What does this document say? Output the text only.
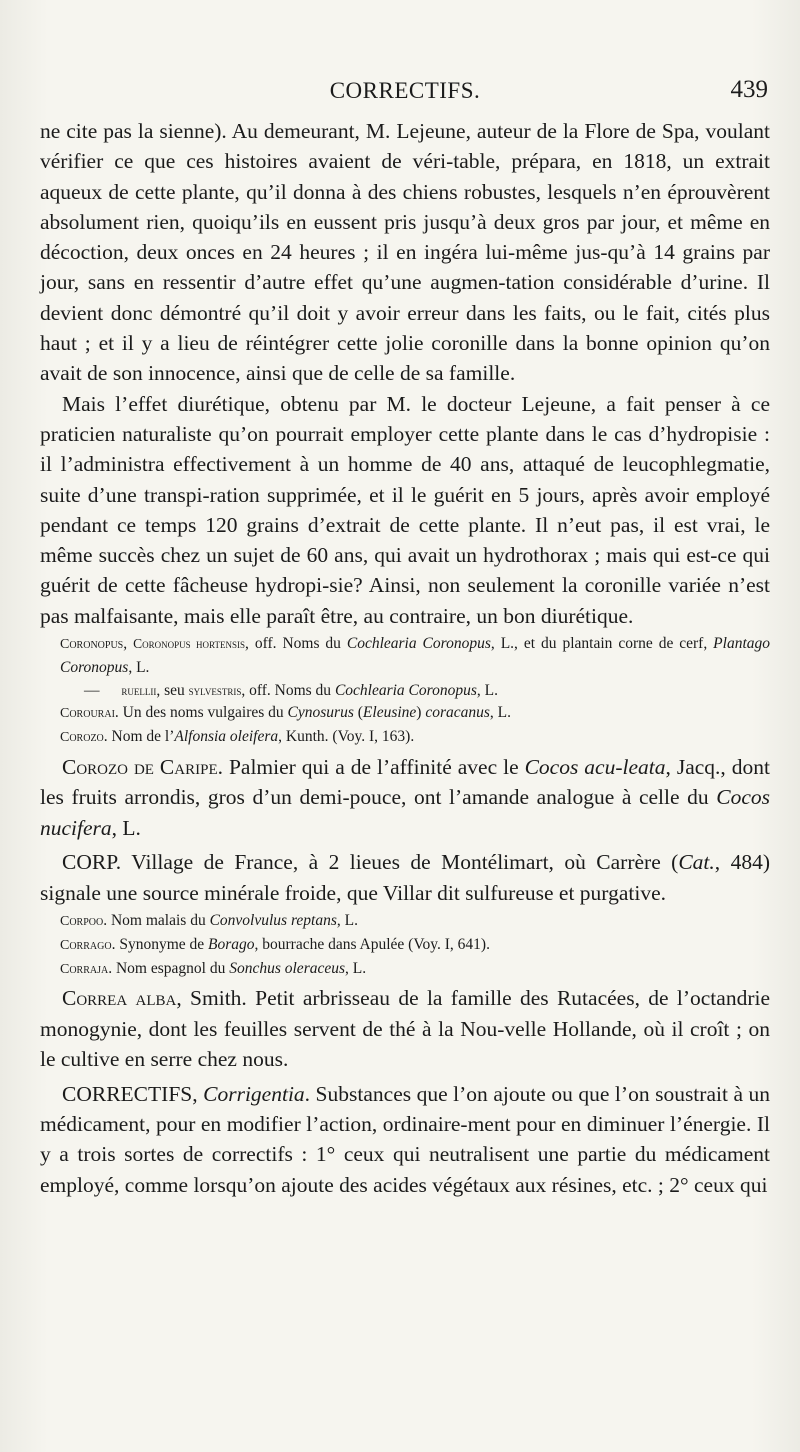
CORRECTIFS.	439

ne cite pas la sienne). Au demeurant, M. Lejeune, auteur de la Flore de Spa, voulant vérifier ce que ces histoires avaient de véri-table, prépara, en 1818, un extrait aqueux de cette plante, qu’il donna à des chiens robustes, lesquels n’en éprouvèrent absolument rien, quoiqu’ils en eussent pris jusqu’à deux gros par jour, et même en décoction, deux onces en 24 heures ; il en ingéra lui-même jus-qu’à 14 grains par jour, sans en ressentir d’autre effet qu’une augmen-tation considérable d’urine. Il devient donc démontré qu’il doit y avoir erreur dans les faits, ou le fait, cités plus haut ; et il y a lieu de réintégrer cette jolie coronille dans la bonne opinion qu’on avait de son innocence, ainsi que de celle de sa famille.

Mais l’effet diurétique, obtenu par M. le docteur Lejeune, a fait penser à ce praticien naturaliste qu’on pourrait employer cette plante dans le cas d’hydropisie : il l’administra effectivement à un homme de 40 ans, attaqué de leucophlegmatie, suite d’une transpi-ration supprimée, et il le guérit en 5 jours, après avoir employé pendant ce temps 120 grains d’extrait de cette plante. Il n’eut pas, il est vrai, le même succès chez un sujet de 60 ans, qui avait un hydrothorax ; mais qui est-ce qui guérit de cette fâcheuse hydropi-sie? Ainsi, non seulement la coronille variée n’est pas malfaisante, mais elle paraît être, au contraire, un bon diurétique.

Coronopus, Coronopus hortensis, off. Noms du Cochlearia Coronopus, L., et du plantain corne de cerf, Plantago Coronopus, L.

— ruellii, seu sylvestris, off. Noms du Cochlearia Coronopus, L.

Corourai. Un des noms vulgaires du Cynosurus (Eleusine) coracanus, L.

Corozo. Nom de l’Alfonsia oleifera, Kunth. (Voy. I, 163).

Corozo de Caripe. Palmier qui a de l’affinité avec le Cocos acu-leata, Jacq., dont les fruits arrondis, gros d’un demi-pouce, ont l’amande analogue à celle du Cocos nucifera, L.

CORP. Village de France, à 2 lieues de Montélimart, où Carrère (Cat., 484) signale une source minérale froide, que Villar dit sulfureuse et purgative.

Corpoo. Nom malais du Convolvulus reptans, L.

Corrago. Synonyme de Borago, bourrache dans Apulée (Voy. I, 641).

Corraja. Nom espagnol du Sonchus oleraceus, L.

Correa alba, Smith. Petit arbrisseau de la famille des Rutacées, de l’octandrie monogynie, dont les feuilles servent de thé à la Nou-velle Hollande, où il croît ; on le cultive en serre chez nous.

CORRECTIFS, Corrigentia. Substances que l’on ajoute ou que l’on soustrait à un médicament, pour en modifier l’action, ordinaire-ment pour en diminuer l’énergie. Il y a trois sortes de correctifs : 1° ceux qui neutralisent une partie du médicament employé, comme lorsqu’on ajoute des acides végétaux aux résines, etc. ; 2° ceux qui
